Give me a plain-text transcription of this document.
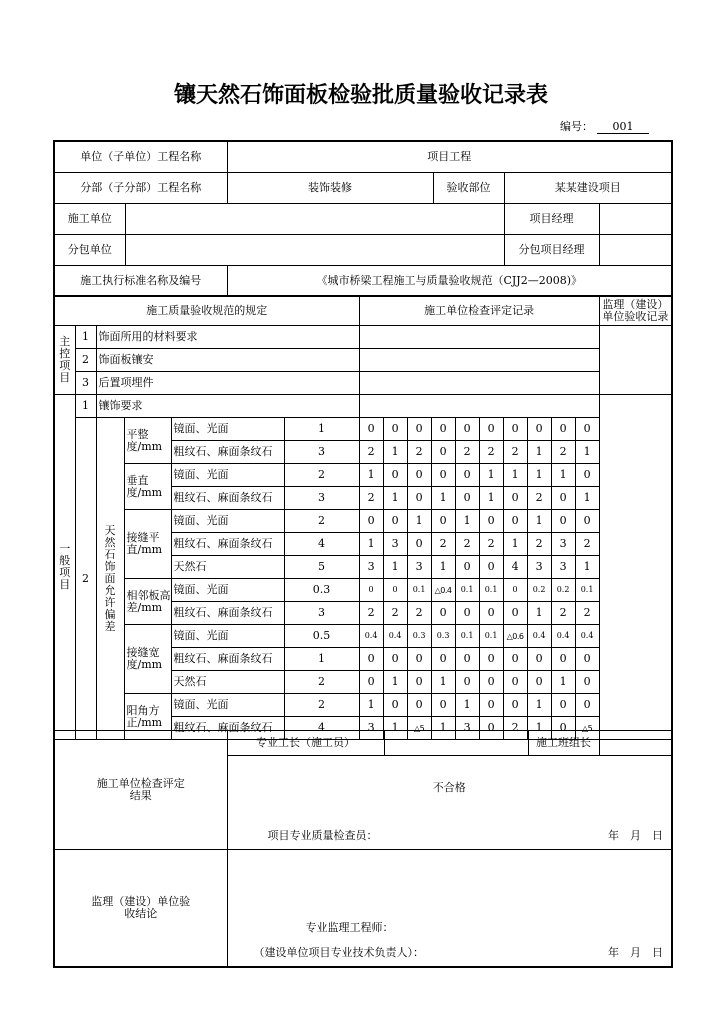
镶天然石饰面板检验批质量验收记录表
编号： 001
单位（子单位）工程名称		项目工程			
分部（子分部）工程名称		装饰装修	验收部位	某某建设项目	
施工单位				项目经理	
分包单位				分包项目经理	
施工执行标准名称及编号		《城市桥梁工程施工与质量验收规范（CJJ2—2008)》			
施工质量验收规范的规定						施工单位检查评定记录										监理（建设）单位验收记录
主控项目	1	饰面所用的材料要求														
	2	饰面板镶安														
	3	后置项埋件														
一般项目	1	镶饰要求														
	2	天然石饰面允许偏差	平整度/mm	镜面、光面	1	0	0	0	0	0	0	0	0	0	0	
				粗纹石、麻面条纹石	3	2	1	2	0	2	2	2	1	2	1	
			垂直度/mm	镜面、光面	2	1	0	0	0	0	1	1	1	1	0	
				粗纹石、麻面条纹石	3	2	1	0	1	0	1	0	2	0	1	
			接缝平直/mm	镜面、光面	2	0	0	1	0	1	0	0	1	0	0	
				粗纹石、麻面条纹石	4	1	3	0	2	2	2	1	2	3	2	
				天然石	5	3	1	3	1	0	0	4	3	3	1	
			相邻板高差/mm	镜面、光面	0.3	0	0	0.1	△0.4	0.1	0.1	0	0.2	0.2	0.1	
				粗纹石、麻面条纹石	3	2	2	2	0	0	0	0	1	2	2	
			接缝宽度/mm	镜面、光面	0.5	0.4	0.4	0.3	0.3	0.1	0.1	△0.6	0.4	0.4	0.4	
				粗纹石、麻面条纹石	1	0	0	0	0	0	0	0	0	0	0	
				天然石	2	0	1	0	1	0	0	0	0	1	0	
			阳角方正/mm	镜面、光面	2	1	0	0	0	1	0	0	1	0	0	
				粗纹石、麻面条纹石	4	3	1	△5	1	3	0	2	1	0	△5	
施工单位检查评定结果	专业工长（施工员）		施工班组长	

	不合格
项目专业质量检查员： 年　月　日			

监理（建设）单位验收结论	专业监理工程师：
（建设单位项目专业技术负责人）： 年　月　日			
